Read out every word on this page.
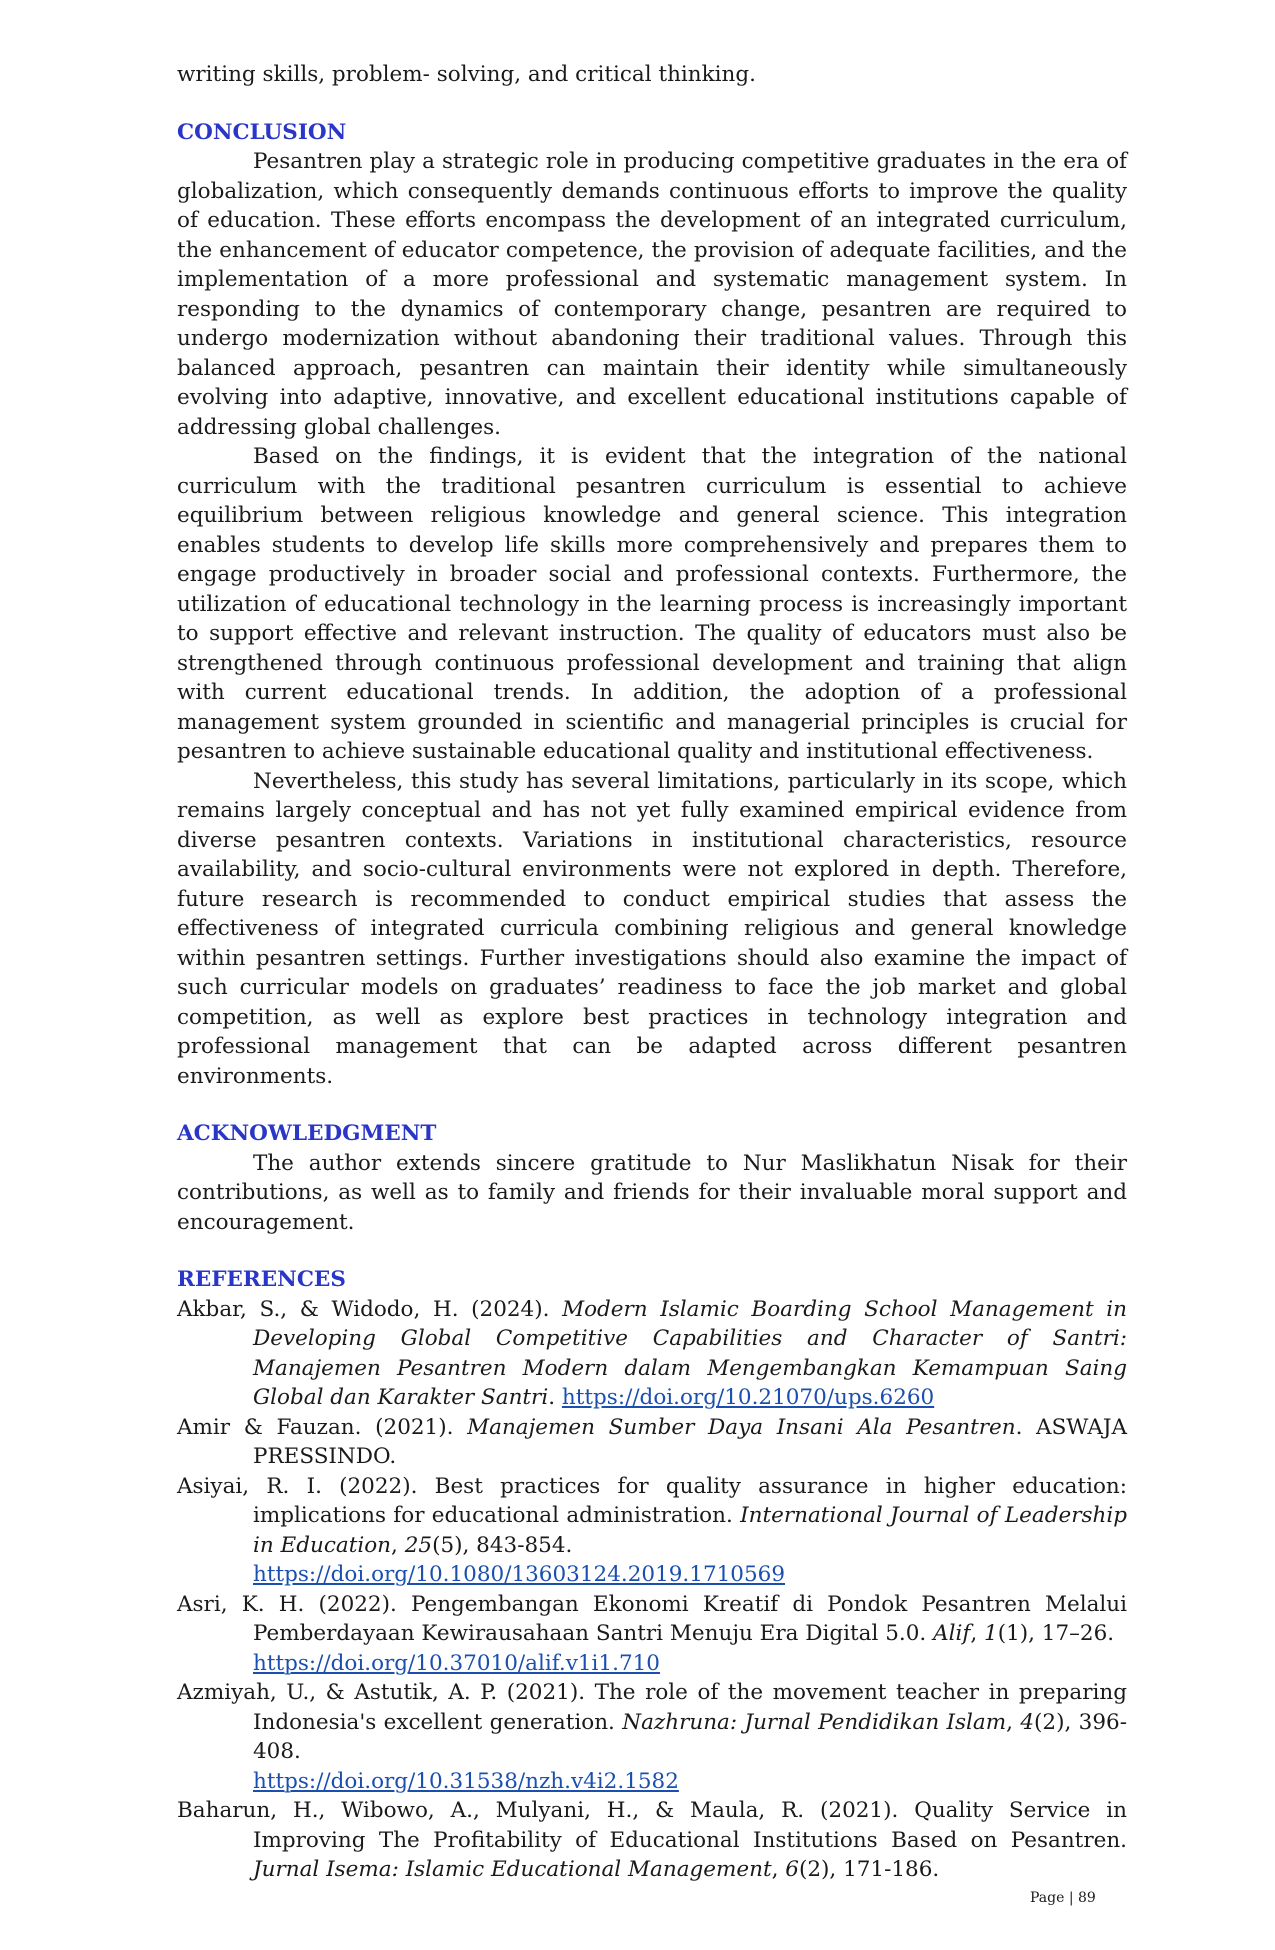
writing skills, problem- solving, and critical thinking.

CONCLUSION

Pesantren play a strategic role in producing competitive graduates in the era of globalization, which consequently demands continuous efforts to improve the quality of education. These efforts encompass the development of an integrated curriculum, the enhancement of educator competence, the provision of adequate facilities, and the implementation of a more professional and systematic management system. In responding to the dynamics of contemporary change, pesantren are required to undergo modernization without abandoning their traditional values. Through this balanced approach, pesantren can maintain their identity while simultaneously evolving into adaptive, innovative, and excellent educational institutions capable of addressing global challenges.

Based on the findings, it is evident that the integration of the national curriculum with the traditional pesantren curriculum is essential to achieve equilibrium between religious knowledge and general science. This integration enables students to develop life skills more comprehensively and prepares them to engage productively in broader social and professional contexts. Furthermore, the utilization of educational technology in the learning process is increasingly important to support effective and relevant instruction. The quality of educators must also be strengthened through continuous professional development and training that align with current educational trends. In addition, the adoption of a professional management system grounded in scientific and managerial principles is crucial for pesantren to achieve sustainable educational quality and institutional effectiveness.

Nevertheless, this study has several limitations, particularly in its scope, which remains largely conceptual and has not yet fully examined empirical evidence from diverse pesantren contexts. Variations in institutional characteristics, resource availability, and socio-cultural environments were not explored in depth. Therefore, future research is recommended to conduct empirical studies that assess the effectiveness of integrated curricula combining religious and general knowledge within pesantren settings. Further investigations should also examine the impact of such curricular models on graduates’ readiness to face the job market and global competition, as well as explore best practices in technology integration and professional management that can be adapted across different pesantren environments.

ACKNOWLEDGMENT

The author extends sincere gratitude to Nur Maslikhatun Nisak for their contributions, as well as to family and friends for their invaluable moral support and encouragement.

REFERENCES

Akbar, S., & Widodo, H. (2024). Modern Islamic Boarding School Management in Developing Global Competitive Capabilities and Character of Santri: Manajemen Pesantren Modern dalam Mengembangkan Kemampuan Saing Global dan Karakter Santri. https://doi.org/10.21070/ups.6260

Amir & Fauzan. (2021). Manajemen Sumber Daya Insani Ala Pesantren. ASWAJA PRESSINDO.

Asiyai, R. I. (2022). Best practices for quality assurance in higher education: implications for educational administration. International Journal of Leadership in Education, 25(5), 843-854.
https://doi.org/10.1080/13603124.2019.1710569

Asri, K. H. (2022). Pengembangan Ekonomi Kreatif di Pondok Pesantren Melalui Pemberdayaan Kewirausahaan Santri Menuju Era Digital 5.0. Alif, 1(1), 17–26.
https://doi.org/10.37010/alif.v1i1.710

Azmiyah, U., & Astutik, A. P. (2021). The role of the movement teacher in preparing Indonesia's excellent generation. Nazhruna: Jurnal Pendidikan Islam, 4(2), 396-408.
https://doi.org/10.31538/nzh.v4i2.1582

Baharun, H., Wibowo, A., Mulyani, H., & Maula, R. (2021). Quality Service in Improving The Profitability of Educational Institutions Based on Pesantren. Jurnal Isema: Islamic Educational Management, 6(2), 171-186.

Page | 89
